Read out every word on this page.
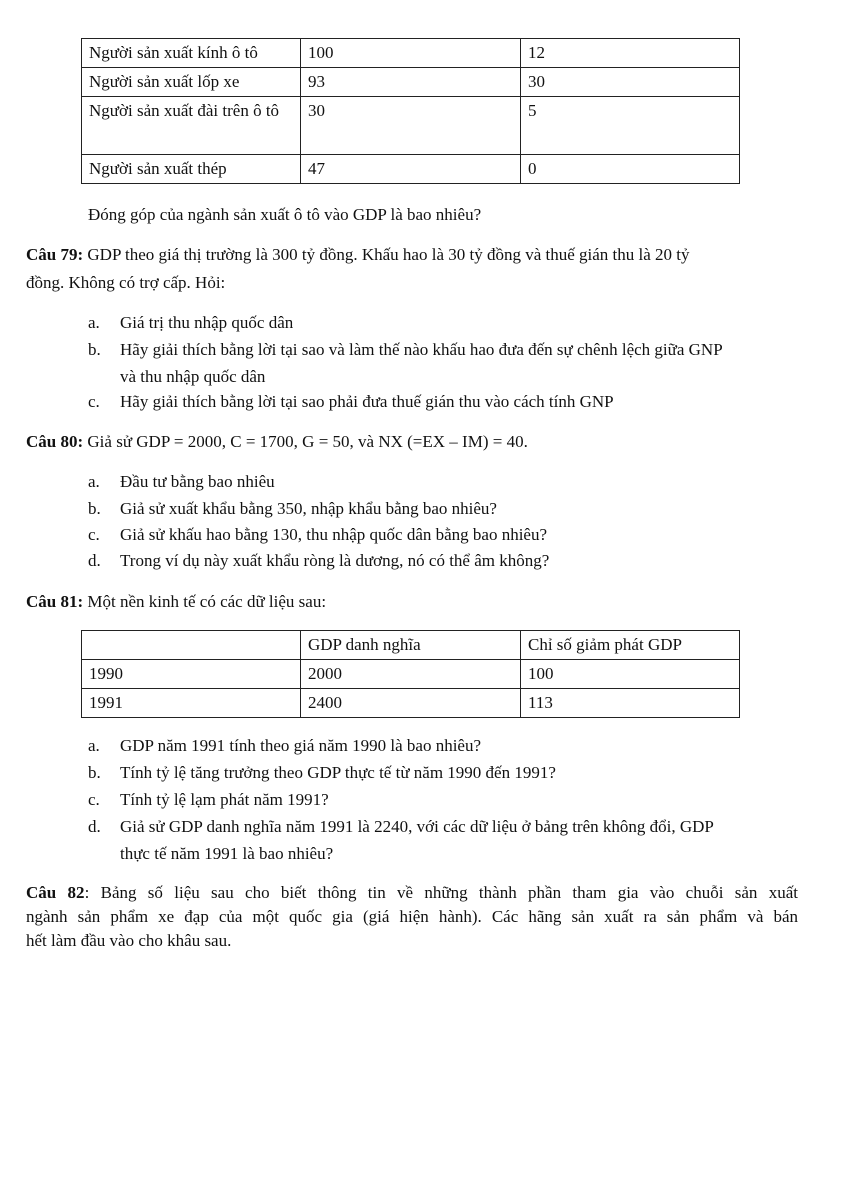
Người sản xuất kính ô tô	100	12
Người sản xuất lốp xe	93	30
Người sản xuất đài trên ô tô	30	5
Người sản xuất thép	47	0

Đóng góp của ngành sản xuất ô tô vào GDP là bao nhiêu?

Câu 79: GDP theo giá thị trường là 300 tỷ đồng. Khấu hao là 30 tỷ đồng và thuế gián thu là 20 tỷ

đồng. Không có trợ cấp. Hỏi:

a. Giá trị thu nhập quốc dân
b. Hãy giải thích bằng lời tại sao và làm thế nào khấu hao đưa đến sự chênh lệch giữa GNP
và thu nhập quốc dân
c. Hãy giải thích bằng lời tại sao phải đưa thuế gián thu vào cách tính GNP

Câu 80: Giả sử GDP = 2000, C = 1700, G = 50, và NX (=EX – IM) = 40.

a. Đầu tư bằng bao nhiêu
b. Giả sử xuất khẩu bằng 350, nhập khẩu bằng bao nhiêu?
c. Giả sử khấu hao bằng 130, thu nhập quốc dân bằng bao nhiêu?
d. Trong ví dụ này xuất khẩu ròng là dương, nó có thể âm không?

Câu 81: Một nền kinh tế có các dữ liệu sau:

	GDP danh nghĩa	Chỉ số giảm phát GDP
1990	2000	100
1991	2400	113
a. GDP năm 1991 tính theo giá năm 1990 là bao nhiêu?
b. Tính tỷ lệ tăng trưởng theo GDP thực tế từ năm 1990 đến 1991?
c. Tính tỷ lệ lạm phát năm 1991?
d. Giả sử GDP danh nghĩa năm 1991 là 2240, với các dữ liệu ở bảng trên không đổi, GDP
thực tế năm 1991 là bao nhiêu?

Câu 82: Bảng số liệu sau cho biết thông tin về những thành phần tham gia vào chuỗi sản xuất

ngành sản phẩm xe đạp của một quốc gia (giá hiện hành). Các hãng sản xuất ra sản phẩm và bán

hết làm đầu vào cho khâu sau.
